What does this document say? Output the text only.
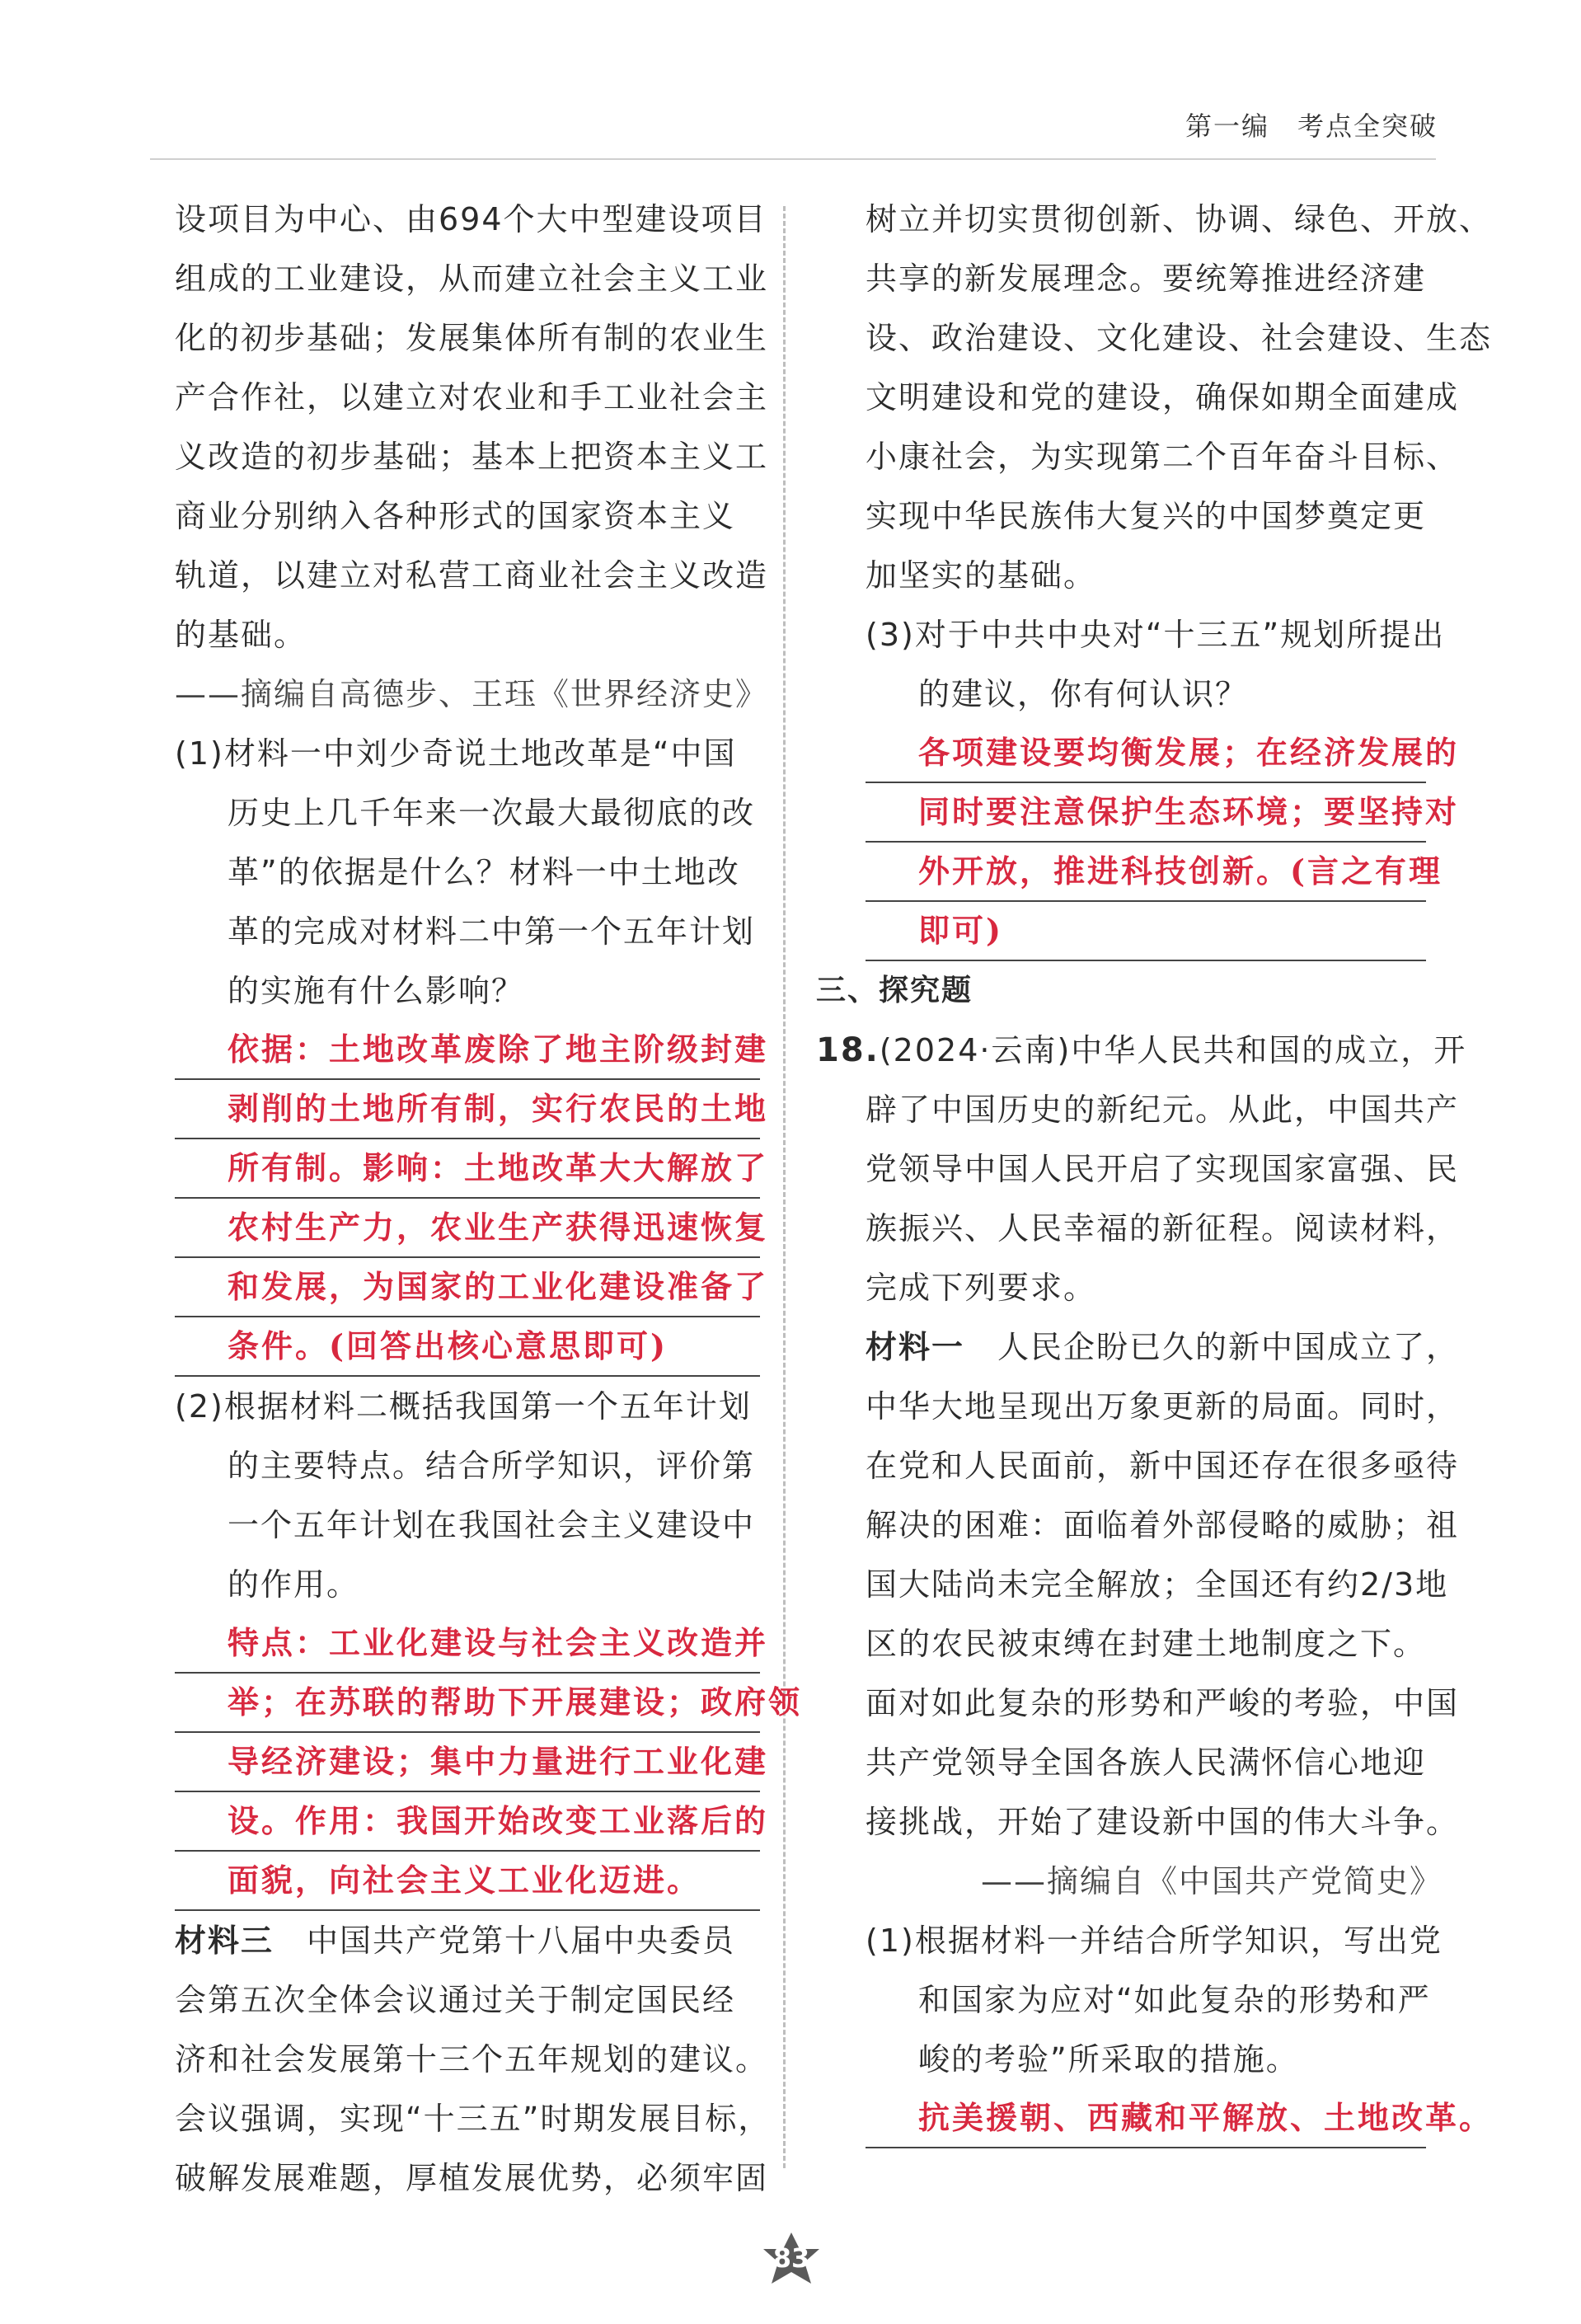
第一编　考点全突破
设项目为中心、由694个大中型建设项目
组成的工业建设，从而建立社会主义工业
化的初步基础；发展集体所有制的农业生
产合作社，以建立对农业和手工业社会主
义改造的初步基础；基本上把资本主义工
商业分别纳入各种形式的国家资本主义
轨道，以建立对私营工商业社会主义改造
的基础。
——摘编自高德步、王珏《世界经济史》
(1)材料一中刘少奇说土地改革是“中国
历史上几千年来一次最大最彻底的改
革”的依据是什么？材料一中土地改
革的完成对材料二中第一个五年计划
的实施有什么影响？
依据：土地改革废除了地主阶级封建
剥削的土地所有制，实行农民的土地
所有制。影响：土地改革大大解放了
农村生产力，农业生产获得迅速恢复
和发展，为国家的工业化建设准备了
条件。(回答出核心意思即可)
(2)根据材料二概括我国第一个五年计划
的主要特点。结合所学知识，评价第
一个五年计划在我国社会主义建设中
的作用。
特点：工业化建设与社会主义改造并
举；在苏联的帮助下开展建设；政府领
导经济建设；集中力量进行工业化建
设。作用：我国开始改变工业落后的
面貌，向社会主义工业化迈进。
材料三　中国共产党第十八届中央委员
会第五次全体会议通过关于制定国民经
济和社会发展第十三个五年规划的建议。
会议强调，实现“十三五”时期发展目标，
破解发展难题，厚植发展优势，必须牢固
树立并切实贯彻创新、协调、绿色、开放、
共享的新发展理念。要统筹推进经济建
设、政治建设、文化建设、社会建设、生态
文明建设和党的建设，确保如期全面建成
小康社会，为实现第二个百年奋斗目标、
实现中华民族伟大复兴的中国梦奠定更
加坚实的基础。
(3)对于中共中央对“十三五”规划所提出
的建议，你有何认识？
各项建设要均衡发展；在经济发展的
同时要注意保护生态环境；要坚持对
外开放，推进科技创新。(言之有理
即可)
三、探究题
18.(2024·云南)中华人民共和国的成立，开
辟了中国历史的新纪元。从此，中国共产
党领导中国人民开启了实现国家富强、民
族振兴、人民幸福的新征程。阅读材料，
完成下列要求。
材料一　人民企盼已久的新中国成立了，
中华大地呈现出万象更新的局面。同时，
在党和人民面前，新中国还存在很多亟待
解决的困难：面临着外部侵略的威胁；祖
国大陆尚未完全解放；全国还有约2/3地
区的农民被束缚在封建土地制度之下。
面对如此复杂的形势和严峻的考验，中国
共产党领导全国各族人民满怀信心地迎
接挑战，开始了建设新中国的伟大斗争。
——摘编自《中国共产党简史》
(1)根据材料一并结合所学知识，写出党
和国家为应对“如此复杂的形势和严
峻的考验”所采取的措施。
抗美援朝、西藏和平解放、土地改革。
83
